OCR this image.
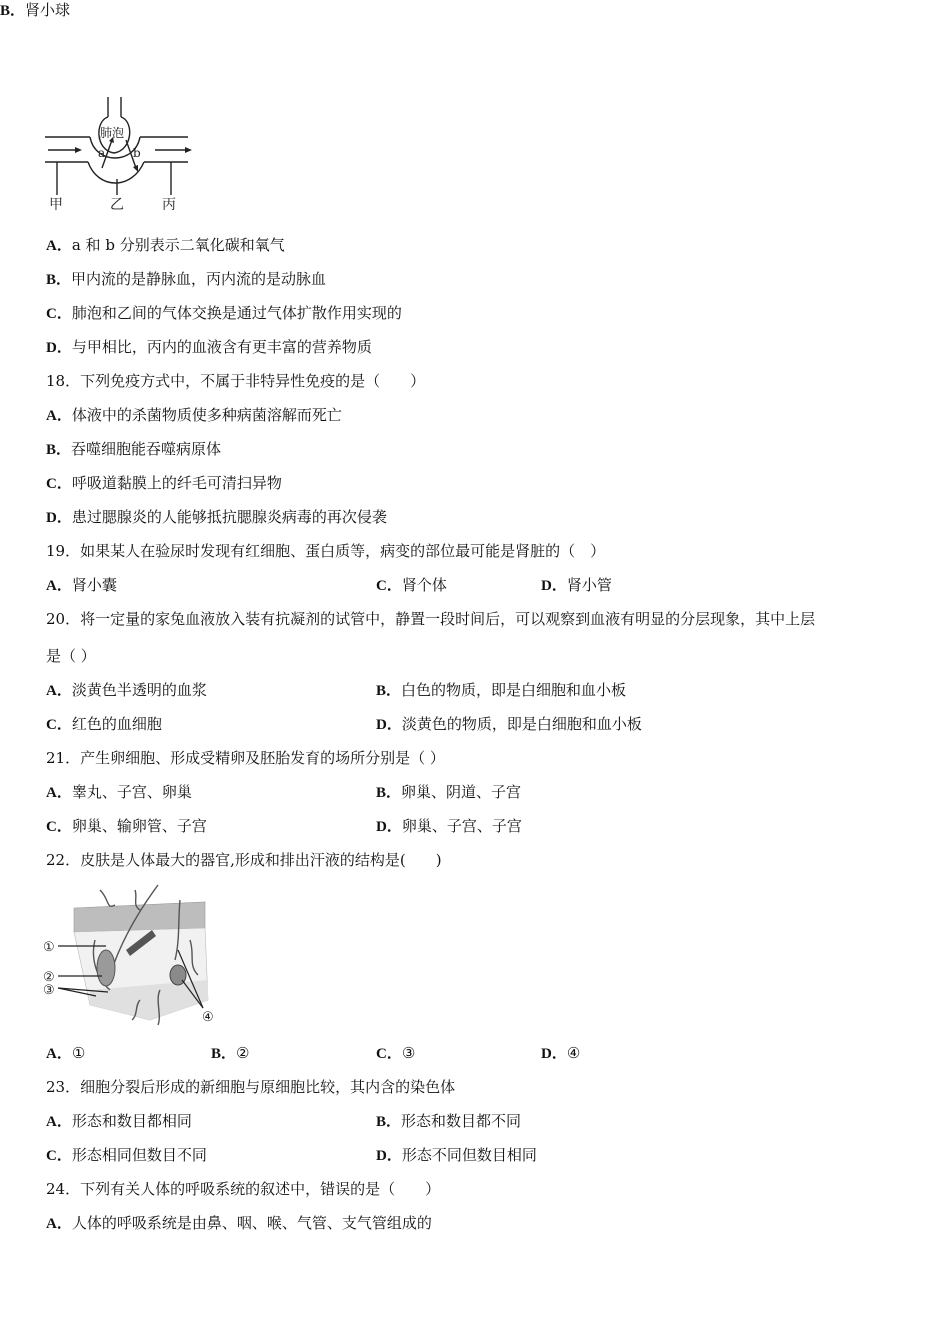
肺泡
a b
甲	乙	丙
A．a 和 b 分别表示二氧化碳和氧气
B．甲内流的是静脉血，丙内流的是动脉血
C．肺泡和乙间的气体交换是通过气体扩散作用实现的
D．与甲相比，丙内的血液含有更丰富的营养物质
18．下列免疫方式中，不属于非特异性免疫的是（　　）
A．体液中的杀菌物质使多种病菌溶解而死亡
B．吞噬细胞能吞噬病原体
C．呼吸道黏膜上的纤毛可清扫异物
D．患过腮腺炎的人能够抵抗腮腺炎病毒的再次侵袭
19．如果某人在验尿时发现有红细胞、蛋白质等，病变的部位最可能是肾脏的（　）
A．肾小囊
B．肾小球
C．肾个体	D．肾小管
20．将一定量的家兔血液放入装有抗凝剂的试管中，静置一段时间后，可以观察到血液有明显的分层现象，其中上层
是（ ）
A．淡黄色半透明的血浆	B．白色的物质，即是白细胞和血小板
C．红色的血细胞	D．淡黄色的物质，即是白细胞和血小板
21．产生卵细胞、形成受精卵及胚胎发育的场所分别是（ ）
A．睾丸、子宫、卵巢	B．卵巢、阴道、子宫
C．卵巢、输卵管、子宫	D．卵巢、子宫、子宫
22．皮肤是人体最大的器官,形成和排出汗液的结构是(　　)
①
②
③
④
A．①	B．②	C．③	D．④
23．细胞分裂后形成的新细胞与原细胞比较，其内含的染色体
A．形态和数目都相同	B．形态和数目都不同
C．形态相同但数目不同	D．形态不同但数目相同
24．下列有关人体的呼吸系统的叙述中，错误的是（　　）
A．人体的呼吸系统是由鼻、咽、喉、气管、支气管组成的
